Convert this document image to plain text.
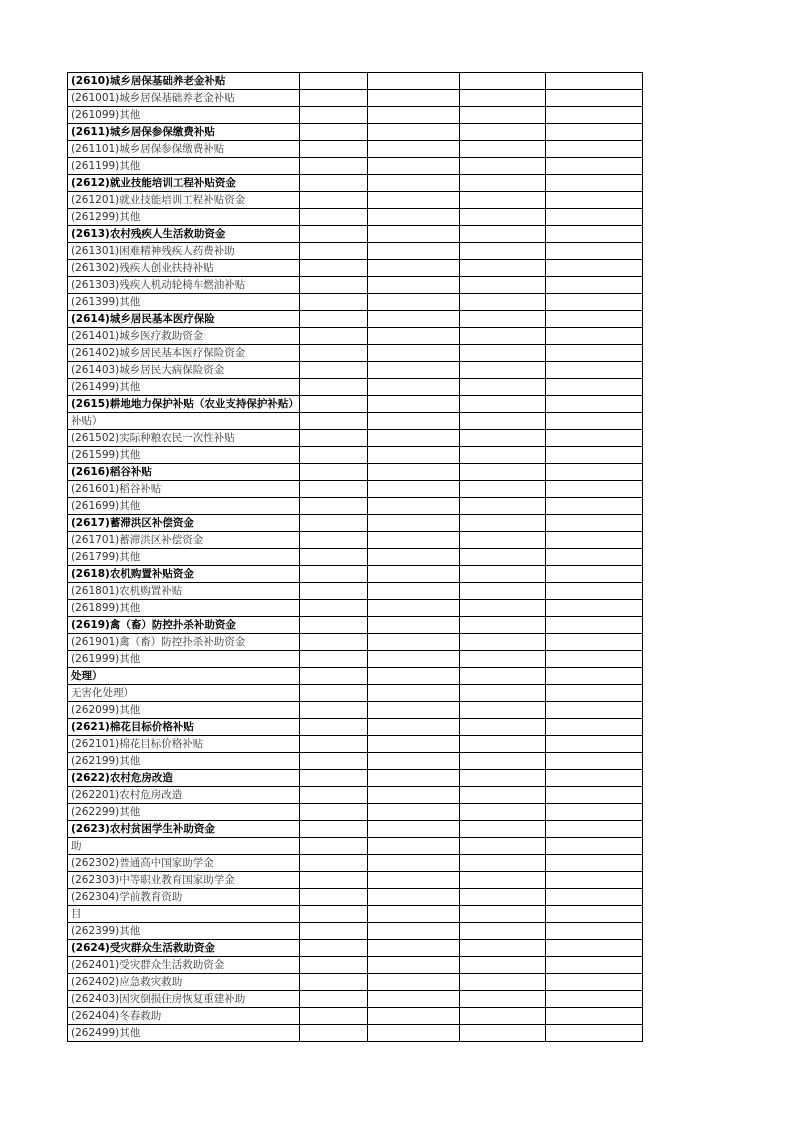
(2610)城乡居保基础养老金补贴				
(261001)城乡居保基础养老金补贴				
(261099)其他				
(2611)城乡居保参保缴费补贴				
(261101)城乡居保参保缴费补贴				
(261199)其他				
(2612)就业技能培训工程补贴资金				
(261201)就业技能培训工程补贴资金				
(261299)其他				
(2613)农村残疾人生活救助资金				
(261301)困难精神残疾人药费补助				
(261302)残疾人创业扶持补贴				
(261303)残疾人机动轮椅车燃油补贴				
(261399)其他				
(2614)城乡居民基本医疗保险				
(261401)城乡医疗救助资金				
(261402)城乡居民基本医疗保险资金				
(261403)城乡居民大病保险资金				
(261499)其他				
(2615)耕地地力保护补贴（农业支持保护补贴）				
补贴）				
(261502)实际种粮农民一次性补贴				
(261599)其他				
(2616)稻谷补贴				
(261601)稻谷补贴				
(261699)其他				
(2617)蓄滞洪区补偿资金				
(261701)蓄滞洪区补偿资金				
(261799)其他				
(2618)农机购置补贴资金				
(261801)农机购置补贴				
(261899)其他				
(2619)禽（畜）防控扑杀补助资金				
(261901)禽（畜）防控扑杀补助资金				
(261999)其他				
处理）				
无害化处理）				
(262099)其他				
(2621)棉花目标价格补贴				
(262101)棉花目标价格补贴				
(262199)其他				
(2622)农村危房改造				
(262201)农村危房改造				
(262299)其他				
(2623)农村贫困学生补助资金				
助				
(262302)普通高中国家助学金				
(262303)中等职业教育国家助学金				
(262304)学前教育资助				
目				
(262399)其他				
(2624)受灾群众生活救助资金				
(262401)受灾群众生活救助资金				
(262402)应急救灾救助				
(262403)因灾倒损住房恢复重建补助				
(262404)冬春救助				
(262499)其他				
